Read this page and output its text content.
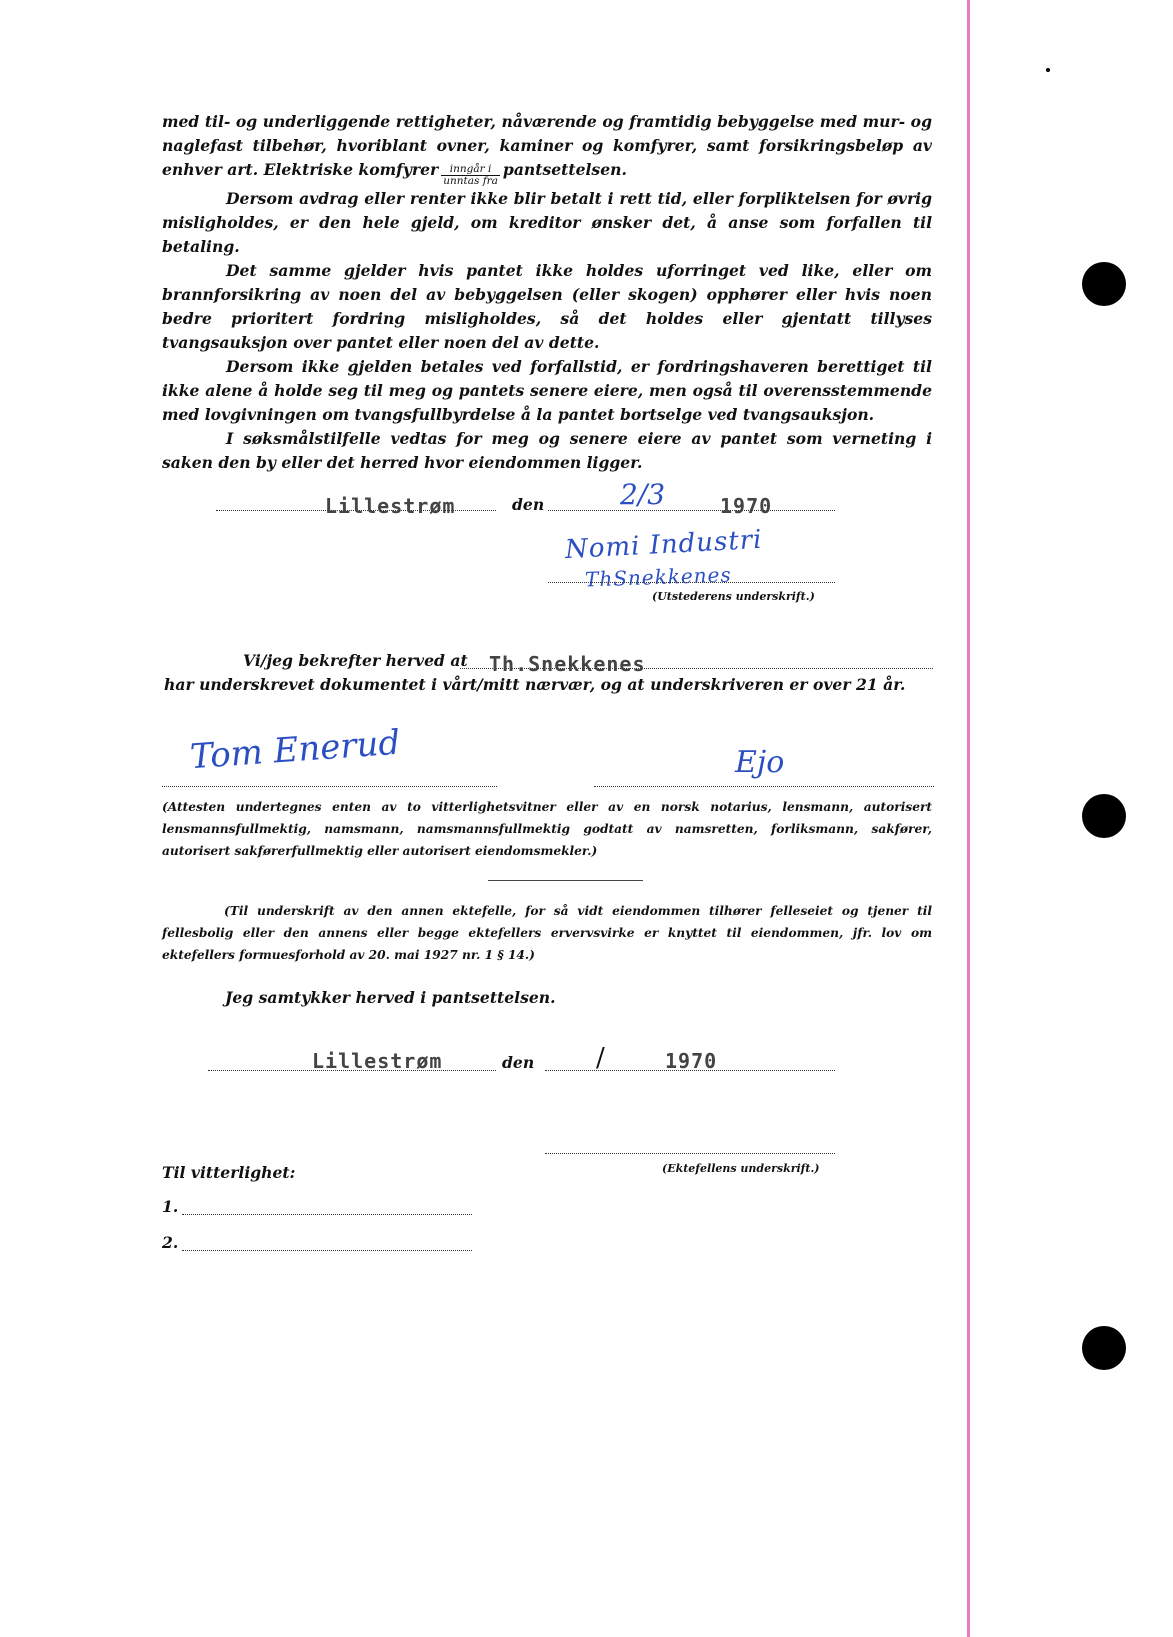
med til- og underliggende rettigheter, nåværende og framtidig bebyggelse med mur- og naglefast tilbehør, hvoriblant ovner, kaminer og komfyrer, samt forsikringsbeløp av enhver art. Elektriske komfyrer $\frac{\text{inngår i}}{\text{unntas fra}}$ pantsettelsen.

Dersom avdrag eller renter ikke blir betalt i rett tid, eller forpliktelsen for øvrig misligholdes, er den hele gjeld, om kreditor ønsker det, å anse som forfallen til betaling.

Det samme gjelder hvis pantet ikke holdes uforringet ved like, eller om brannforsikring av noen del av bebyggelsen (eller skogen) opphører eller hvis noen bedre prioritert fordring misligholdes, så det holdes eller gjentatt tillyses tvangsauksjon over pantet eller noen del av dette.

Dersom ikke gjelden betales ved forfallstid, er fordringshaveren berettiget til ikke alene å holde seg til meg og pantets senere eiere, men også til overensstemmende med lovgivningen om tvangsfullbyrdelse å la pantet bortselge ved tvangsauksjon.

I søksmålstilfelle vedtas for meg og senere eiere av pantet som verneting i saken den by eller det herred hvor eiendommen ligger.

Lillestrøm	den	2/3	1970
Nomi Industri
ThSnekkenes
(Utstederens underskrift.)
Vi/jeg bekrefter herved at Th.Snekkenes
har underskrevet dokumentet i vårt/mitt nærvær, og at underskriveren er over 21 år.
Tom Enerud	Ejo

(Attesten undertegnes enten av to vitterlighetsvitner eller av en norsk notarius, lensmann, autorisert lensmannsfullmektig, namsmann, namsmannsfullmektig godtatt av namsretten, forliksmann, sakfører, autorisert sakførerfullmektig eller autorisert eiendomsmekler.)

(Til underskrift av den annen ektefelle, for så vidt eiendommen tilhører felleseiet og tjener til fellesbolig eller den annens eller begge ektefellers ervervsvirke er knyttet til eiendommen, jfr. lov om ektefellers formuesforhold av 20. mai 1927 nr. 1 § 14.)

Jeg samtykker herved i pantsettelsen.
Lillestrøm	den /	1970
(Ektefellens underskrift.)
Til vitterlighet:
1.
2.
